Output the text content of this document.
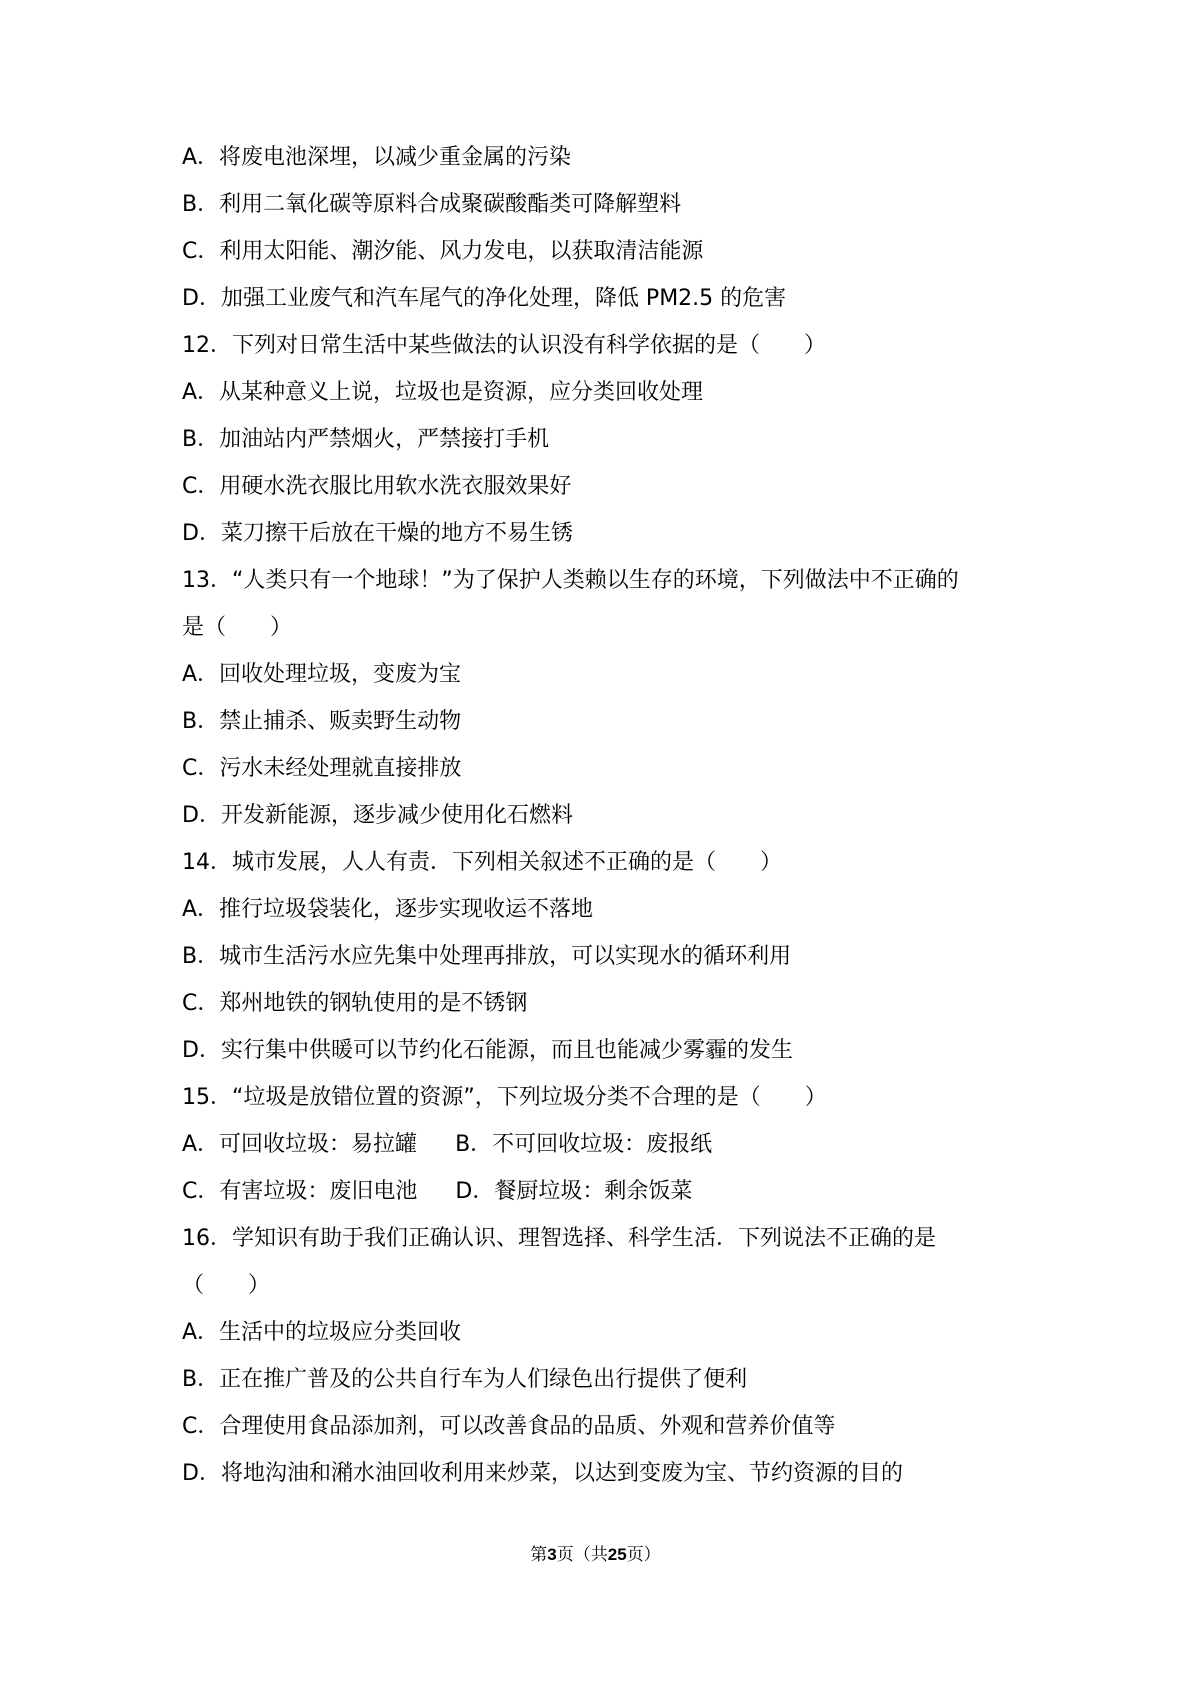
A．将废电池深埋，以减少重金属的污染
B．利用二氧化碳等原料合成聚碳酸酯类可降解塑料
C．利用太阳能、潮汐能、风力发电，以获取清洁能源
D．加强工业废气和汽车尾气的净化处理，降低 PM2.5 的危害
12．下列对日常生活中某些做法的认识没有科学依据的是（　　）
A．从某种意义上说，垃圾也是资源，应分类回收处理
B．加油站内严禁烟火，严禁接打手机
C．用硬水洗衣服比用软水洗衣服效果好
D．菜刀擦干后放在干燥的地方不易生锈
13．“人类只有一个地球！”为了保护人类赖以生存的环境，下列做法中不正确的
是（　　）
A．回收处理垃圾，变废为宝
B．禁止捕杀、贩卖野生动物
C．污水未经处理就直接排放
D．开发新能源，逐步减少使用化石燃料
14．城市发展，人人有责．下列相关叙述不正确的是（　　）
A．推行垃圾袋装化，逐步实现收运不落地
B．城市生活污水应先集中处理再排放，可以实现水的循环利用
C．郑州地铁的钢轨使用的是不锈钢
D．实行集中供暖可以节约化石能源，而且也能减少雾霾的发生
15．“垃圾是放错位置的资源”，下列垃圾分类不合理的是（　　）
A．可回收垃圾：易拉罐 B．不可回收垃圾：废报纸
C．有害垃圾：废旧电池 D．餐厨垃圾：剩余饭菜
16．学知识有助于我们正确认识、理智选择、科学生活．下列说法不正确的是
（　　）
A．生活中的垃圾应分类回收
B．正在推广普及的公共自行车为人们绿色出行提供了便利
C．合理使用食品添加剂，可以改善食品的品质、外观和营养价值等
D．将地沟油和潲水油回收利用来炒菜，以达到变废为宝、节约资源的目的
第3页（共25页）
